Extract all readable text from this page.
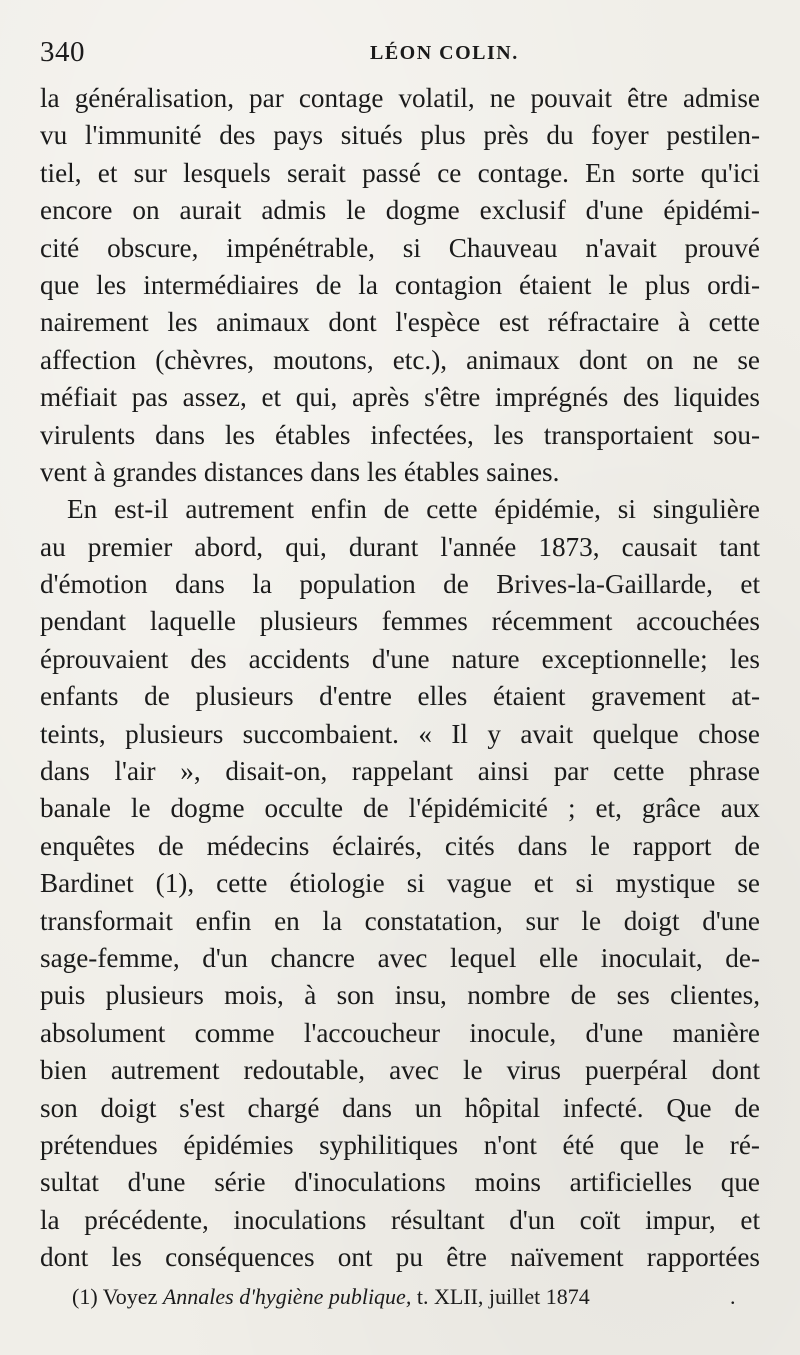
340	LÉON COLIN.
la généralisation, par contage volatil, ne pouvait être admise
vu l'immunité des pays situés plus près du foyer pestilen-
tiel, et sur lesquels serait passé ce contage. En sorte qu'ici
encore on aurait admis le dogme exclusif d'une épidémi-
cité obscure, impénétrable, si Chauveau n'avait prouvé
que les intermédiaires de la contagion étaient le plus ordi-
nairement les animaux dont l'espèce est réfractaire à cette
affection (chèvres, moutons, etc.), animaux dont on ne se
méfiait pas assez, et qui, après s'être imprégnés des liquides
virulents dans les étables infectées, les transportaient sou-
vent à grandes distances dans les étables saines.
En est-il autrement enfin de cette épidémie, si singulière
au premier abord, qui, durant l'année 1873, causait tant
d'émotion dans la population de Brives-la-Gaillarde, et
pendant laquelle plusieurs femmes récemment accouchées
éprouvaient des accidents d'une nature exceptionnelle; les
enfants de plusieurs d'entre elles étaient gravement at-
teints, plusieurs succombaient. « Il y avait quelque chose
dans l'air », disait-on, rappelant ainsi par cette phrase
banale le dogme occulte de l'épidémicité ; et, grâce aux
enquêtes de médecins éclairés, cités dans le rapport de
Bardinet (1), cette étiologie si vague et si mystique se
transformait enfin en la constatation, sur le doigt d'une
sage-femme, d'un chancre avec lequel elle inoculait, de-
puis plusieurs mois, à son insu, nombre de ses clientes,
absolument comme l'accoucheur inocule, d'une manière
bien autrement redoutable, avec le virus puerpéral dont
son doigt s'est chargé dans un hôpital infecté. Que de
prétendues épidémies syphilitiques n'ont été que le ré-
sultat d'une série d'inoculations moins artificielles que
la précédente, inoculations résultant d'un coït impur, et
dont les conséquences ont pu être naïvement rapportées
(1) Voyez Annales d'hygiène publique, t. XLII, juillet 1874	.
